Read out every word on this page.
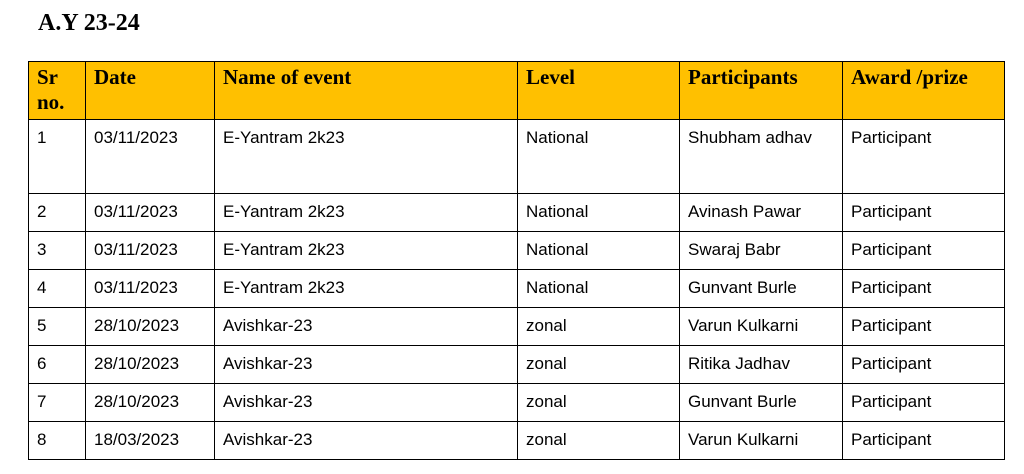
A.Y 23-24
Sr no.	Date	Name of event	Level	Participants	Award /prize
1	03/11/2023	E-Yantram 2k23	National	Shubham adhav	Participant
2	03/11/2023	E-Yantram 2k23	National	Avinash Pawar	Participant
3	03/11/2023	E-Yantram 2k23	National	Swaraj Babr	Participant
4	03/11/2023	E-Yantram 2k23	National	Gunvant Burle	Participant
5	28/10/2023	Avishkar-23	zonal	Varun Kulkarni	Participant
6	28/10/2023	Avishkar-23	zonal	Ritika Jadhav	Participant
7	28/10/2023	Avishkar-23	zonal	Gunvant Burle	Participant
8	18/03/2023	Avishkar-23	zonal	Varun Kulkarni	Participant
